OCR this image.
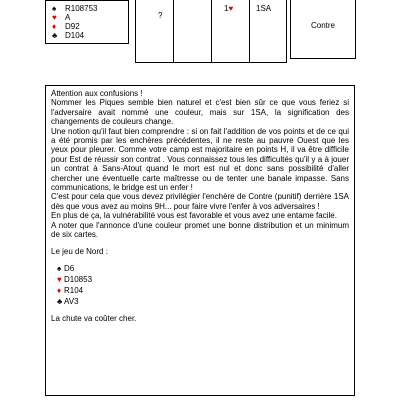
♠ R108753
♥ A
♦ D92
♣ D104
?
1♥	1SA
Contre

Attention aux confusions !

Nommer les Piques semble bien naturel et c'est bien sûr ce que vous feriez si l'adversaire avait nommé une couleur, mais sur 1SA, la signification des changements de couleurs change.

Une notion qu'il faut bien comprendre : si on fait l'addition de vos points et de ce qui a été promis par les enchères précédentes, il ne reste au pauvre Ouest que les yeux pour pleurer. Comme votre camp est majoritaire en points H, il va être difficile pour Est de réussir son contrat . Vous connaissez tous les difficultés qu'il y a à jouer un contrat à Sans-Atout quand le mort est nul et donc sans possibilité d'aller chercher une éventuelle carte maîtresse ou de tenter une banale impasse. Sans communications, le bridge est un enfer !

C'est pour cela que vous devez privilégier l'enchère de Contre (punitif) derrière 1SA dès que vous avez au moins 9H... pour faire vivre l'enfer à vos adversaires !

En plus de ça, la vulnérabilité vous est favorable et vous avez une entame facile.

A noter que l'annonce d'une couleur promet une bonne distribution et un minimum de six cartes.

Le jeu de Nord :

♠ D6
♥ D10853
♦ R104
♣ AV3

La chute va coûter cher.
